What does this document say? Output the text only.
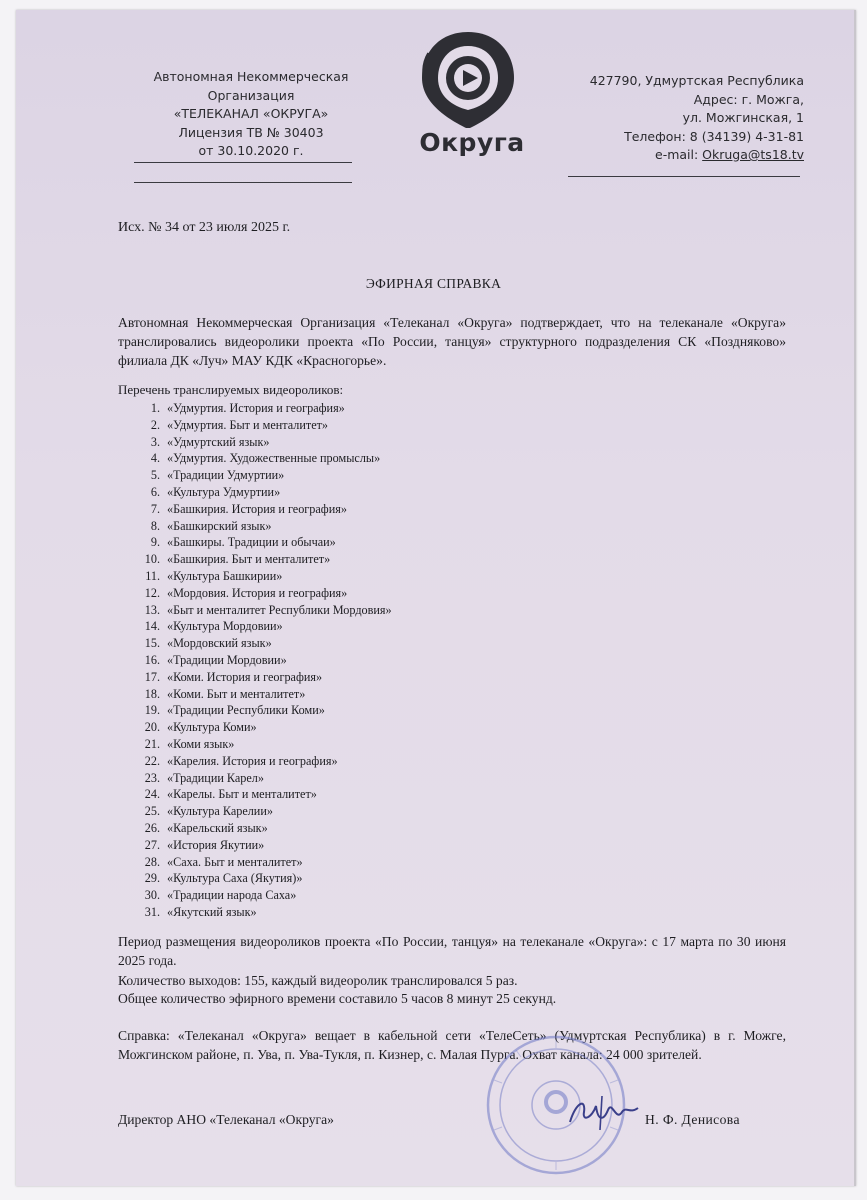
Автономная Некоммерческая
Организация
«ТЕЛЕКАНАЛ «ОКРУГА»
Лицензия ТВ № 30403
от 30.10.2020 г.	Округа
427790, Удмуртская Республика
Адрес: г. Можга,
ул. Можгинская, 1
Телефон: 8 (34139) 4-31-81
e-mail: Okruga@ts18.tv
Исх. № 34 от 23 июля 2025 г.
ЭФИРНАЯ СПРАВКА
Автономная Некоммерческая Организация «Телеканал «Округа» подтверждает, что на телеканале «Округа» транслировались видеоролики проекта «По России, танцуя» структурного подразделения СК «Поздняково» филиала ДК «Луч» МАУ КДК «Красногорье».
Перечень транслируемых видеороликов:
1. «Удмуртия. История и география»
2. «Удмуртия. Быт и менталитет»
3. «Удмуртский язык»
4. «Удмуртия. Художественные промыслы»
5. «Традиции Удмуртии»
6. «Культура Удмуртии»
7. «Башкирия. История и география»
8. «Башкирский язык»
9. «Башкиры. Традиции и обычаи»
10. «Башкирия. Быт и менталитет»
11. «Культура Башкирии»
12. «Мордовия. История и география»
13. «Быт и менталитет Республики Мордовия»
14. «Культура Мордовии»
15. «Мордовский язык»
16. «Традиции Мордовии»
17. «Коми. История и география»
18. «Коми. Быт и менталитет»
19. «Традиции Республики Коми»
20. «Культура Коми»
21. «Коми язык»
22. «Карелия. История и география»
23. «Традиции Карел»
24. «Карелы. Быт и менталитет»
25. «Культура Карелии»
26. «Карельский язык»
27. «История Якутии»
28. «Саха. Быт и менталитет»
29. «Культура Саха (Якутия)»
30. «Традиции народа Саха»
31. «Якутский язык»
Период размещения видеороликов проекта «По России, танцуя» на телеканале «Округа»: с 17 марта по 30 июня 2025 года.
Количество выходов: 155, каждый видеоролик транслировался 5 раз.
Общее количество эфирного времени составило 5 часов 8 минут 25 секунд.
Справка: «Телеканал «Округа» вещает в кабельной сети «ТелеСеть» (Удмуртская Республика) в г. Можге, Можгинском районе, п. Ува, п. Ува-Тукля, п. Кизнер, с. Малая Пурга. Охват канала: 24 000 зрителей.
Директор АНО «Телеканал «Округа»	Н. Ф. Денисова
